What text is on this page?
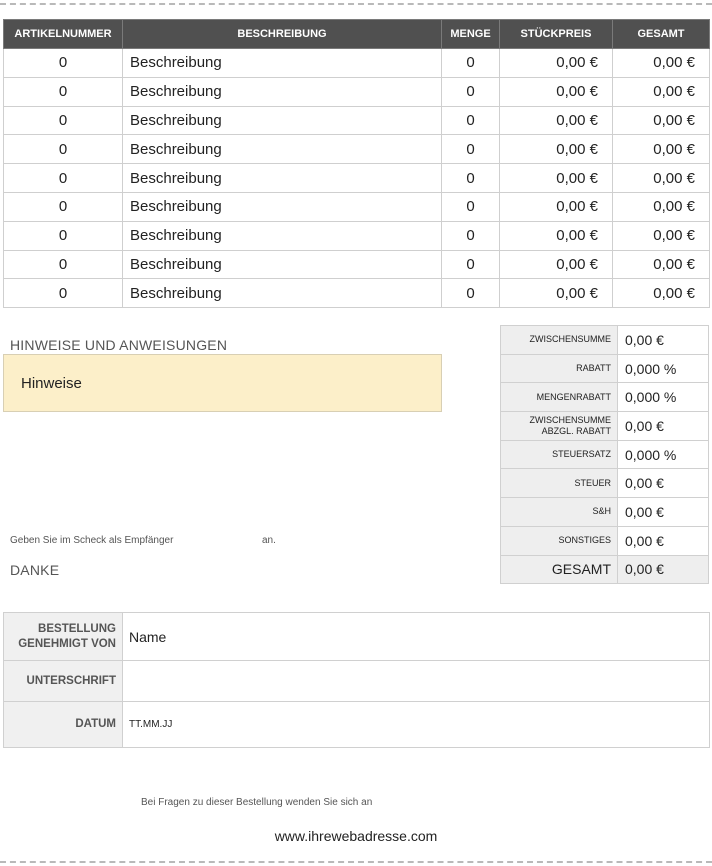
ARTIKELNUMMER	BESCHREIBUNG	MENGE	STÜCKPREIS	GESAMT
0	Beschreibung	0	0,00 €	0,00 €
0	Beschreibung	0	0,00 €	0,00 €
0	Beschreibung	0	0,00 €	0,00 €
0	Beschreibung	0	0,00 €	0,00 €
0	Beschreibung	0	0,00 €	0,00 €
0	Beschreibung	0	0,00 €	0,00 €
0	Beschreibung	0	0,00 €	0,00 €
0	Beschreibung	0	0,00 €	0,00 €
0	Beschreibung	0	0,00 €	0,00 €
HINWEISE UND ANWEISUNGEN
Hinweise
Geben Sie im Scheck als Empfänger	an.
DANKE
ZWISCHENSUMME	0,00 €
RABATT	0,000 %
MENGENRABATT	0,000 %
ZWISCHENSUMME
ABZGL. RABATT	0,00 €
STEUERSATZ	0,000 %
STEUER	0,00 €
S&H	0,00 €
SONSTIGES	0,00 €
GESAMT	0,00 €
BESTELLUNG
GENEHMIGT VON	Name
UNTERSCHRIFT	
DATUM	TT.MM.JJ
Bei Fragen zu dieser Bestellung wenden Sie sich an
www.ihrewebadresse.com
